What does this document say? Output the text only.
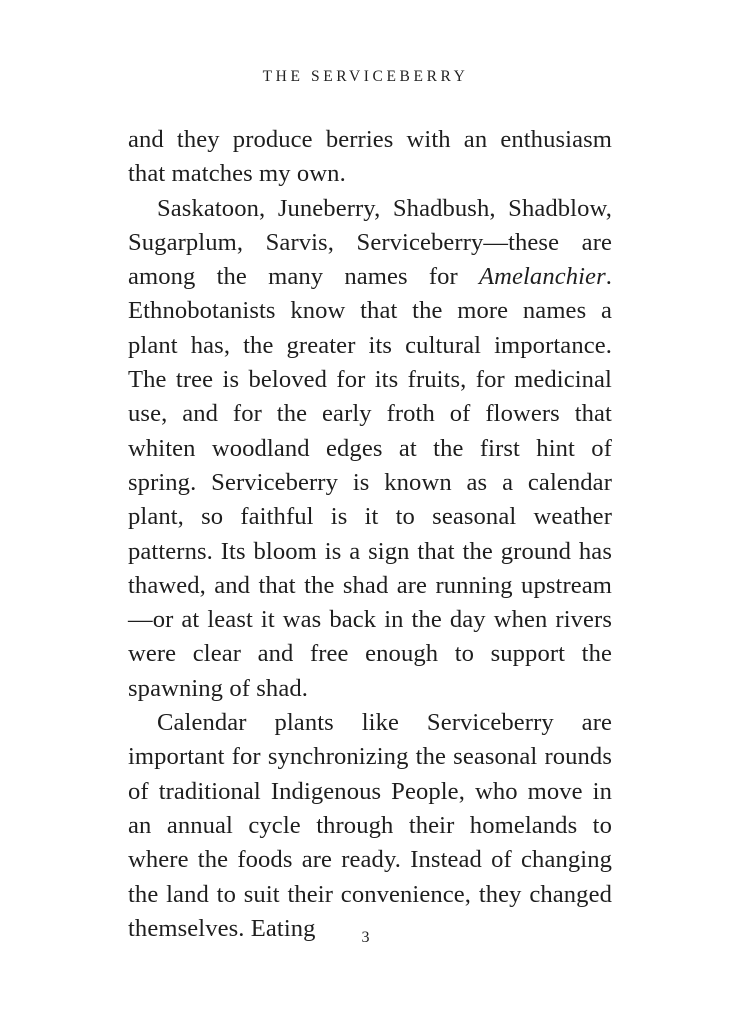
THE SERVICEBERRY

and they produce berries with an enthusiasm that matches my own.

Saskatoon, Juneberry, Shadbush, Shadblow, Sugarplum, Sarvis, Serviceberry—these are among the many names for Amelanchier. Ethnobotanists know that the more names a plant has, the greater its cultural importance. The tree is beloved for its fruits, for medicinal use, and for the early froth of flowers that whiten woodland edges at the first hint of spring. Serviceberry is known as a calendar plant, so faithful is it to seasonal weather patterns. Its bloom is a sign that the ground has thawed, and that the shad are running upstream—or at least it was back in the day when rivers were clear and free enough to support the spawning of shad.

Calendar plants like Serviceberry are important for synchronizing the seasonal rounds of traditional Indigenous People, who move in an annual cycle through their homelands to where the foods are ready. Instead of changing the land to suit their convenience, they changed themselves. Eating	3
